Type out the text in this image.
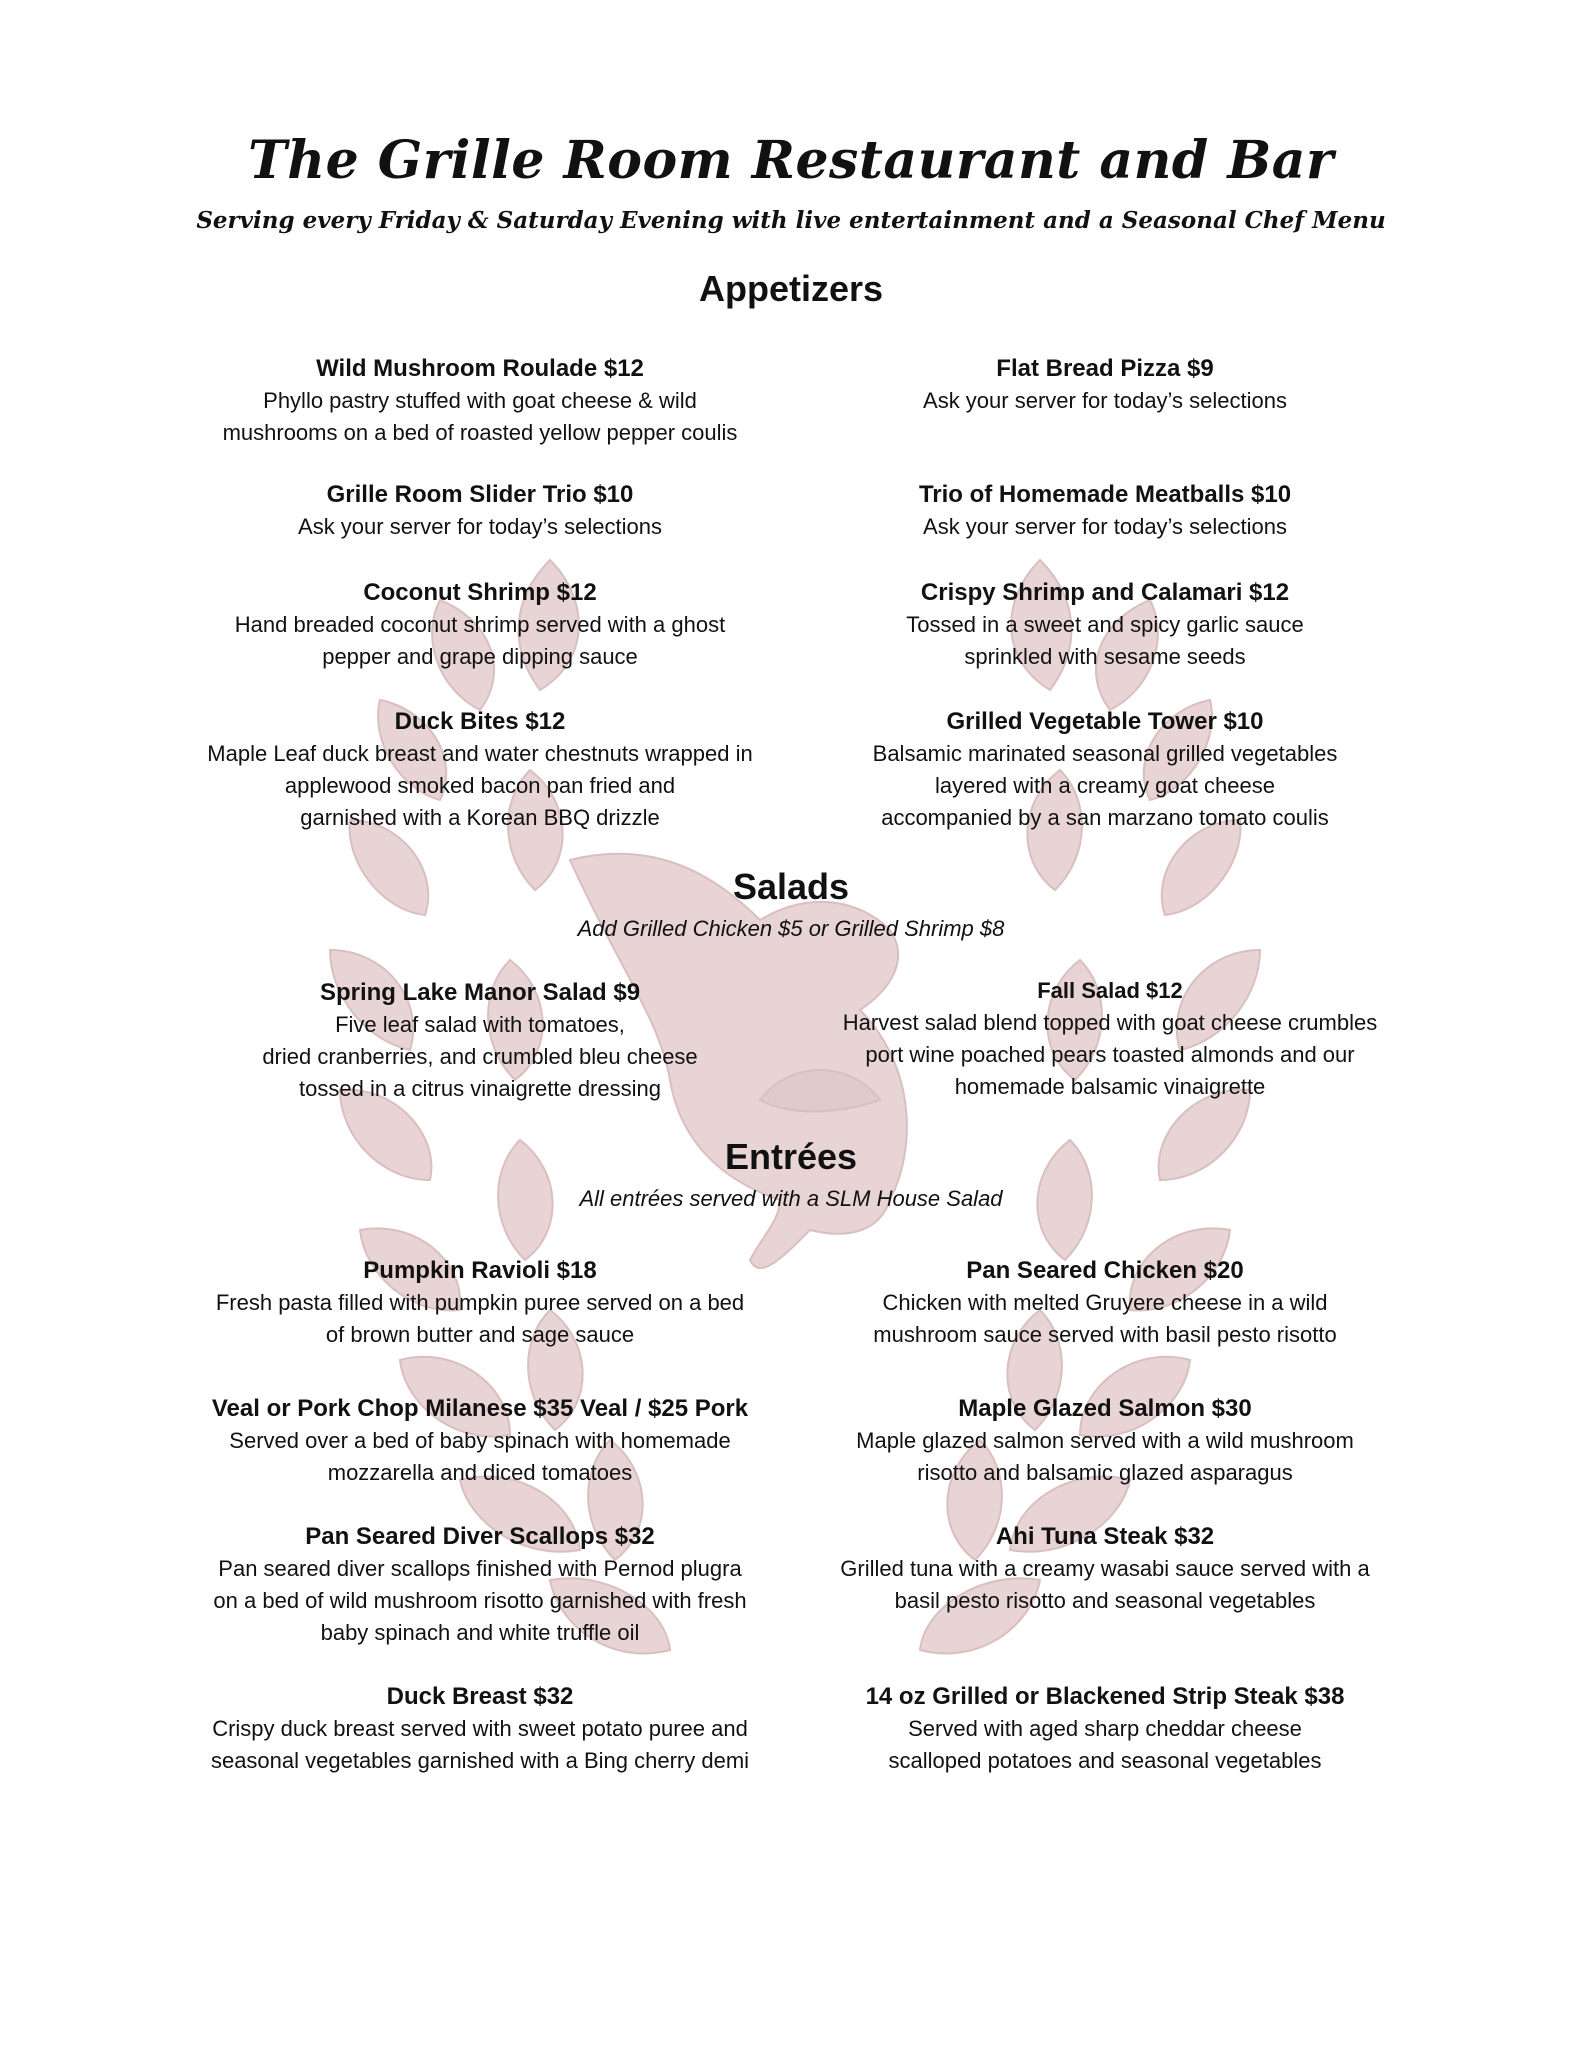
The Grille Room Restaurant and Bar
Serving every Friday & Saturday Evening with live entertainment and a Seasonal Chef Menu
Appetizers
Wild Mushroom Roulade $12
Phyllo pastry stuffed with goat cheese & wild
mushrooms on a bed of roasted yellow pepper coulis
Flat Bread Pizza $9
Ask your server for today’s selections
Grille Room Slider Trio $10
Ask your server for today’s selections
Trio of Homemade Meatballs $10
Ask your server for today’s selections
Coconut Shrimp $12
Hand breaded coconut shrimp served with a ghost
pepper and grape dipping sauce
Crispy Shrimp and Calamari $12
Tossed in a sweet and spicy garlic sauce
sprinkled with sesame seeds
Duck Bites $12
Maple Leaf duck breast and water chestnuts wrapped in
applewood smoked bacon pan fried and
garnished with a Korean BBQ drizzle
Grilled Vegetable Tower $10
Balsamic marinated seasonal grilled vegetables
layered with a creamy goat cheese
accompanied by a san marzano tomato coulis
Salads
Add Grilled Chicken $5 or Grilled Shrimp $8
Spring Lake Manor Salad $9
Five leaf salad with tomatoes,
dried cranberries, and crumbled bleu cheese
tossed in a citrus vinaigrette dressing
Fall Salad $12
Harvest salad blend topped with goat cheese crumbles
port wine poached pears toasted almonds and our
homemade balsamic vinaigrette
Entrées
All entrées served with a SLM House Salad
Pumpkin Ravioli $18
Fresh pasta filled with pumpkin puree served on a bed
of brown butter and sage sauce
Pan Seared Chicken $20
Chicken with melted Gruyere cheese in a wild
mushroom sauce served with basil pesto risotto
Veal or Pork Chop Milanese $35 Veal / $25 Pork
Served over a bed of baby spinach with homemade
mozzarella and diced tomatoes
Maple Glazed Salmon $30
Maple glazed salmon served with a wild mushroom
risotto and balsamic glazed asparagus
Pan Seared Diver Scallops $32
Pan seared diver scallops finished with Pernod plugra
on a bed of wild mushroom risotto garnished with fresh
baby spinach and white truffle oil
Ahi Tuna Steak $32
Grilled tuna with a creamy wasabi sauce served with a
basil pesto risotto and seasonal vegetables
Duck Breast $32
Crispy duck breast served with sweet potato puree and
seasonal vegetables garnished with a Bing cherry demi
14 oz Grilled or Blackened Strip Steak $38
Served with aged sharp cheddar cheese
scalloped potatoes and seasonal vegetables
